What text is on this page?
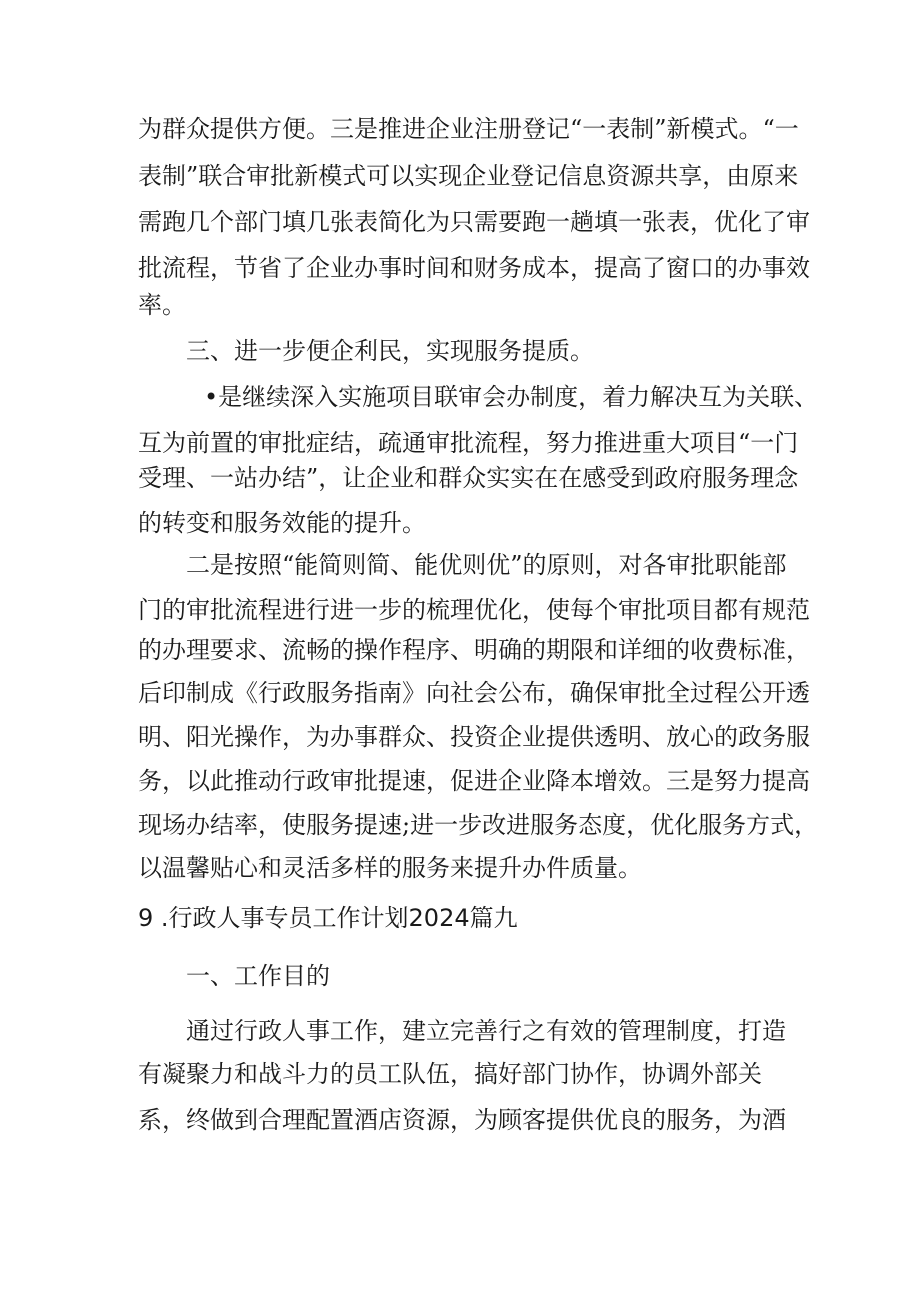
为群众提供方便。三是推进企业注册登记“一表制”新模式。“一
表制”联合审批新模式可以实现企业登记信息资源共享，由原来
需跑几个部门填几张表简化为只需要跑一趟填一张表，优化了审
批流程，节省了企业办事时间和财务成本，提高了窗口的办事效
率。
三、进一步便企利民，实现服务提质。
•是继续深入实施项目联审会办制度，着力解决互为关联、
互为前置的审批症结，疏通审批流程，努力推进重大项目“一门
受理、一站办结”，让企业和群众实实在在感受到政府服务理念
的转变和服务效能的提升。
二是按照“能简则简、能优则优”的原则，对各审批职能部
门的审批流程进行进一步的梳理优化，使每个审批项目都有规范
的办理要求、流畅的操作程序、明确的期限和详细的收费标准，
后印制成《行政服务指南》向社会公布，确保审批全过程公开透
明、阳光操作，为办事群众、投资企业提供透明、放心的政务服
务，以此推动行政审批提速，促进企业降本增效。三是努力提高
现场办结率，使服务提速;进一步改进服务态度，优化服务方式，
以温馨贴心和灵活多样的服务来提升办件质量。
9 .行政人事专员工作计划2024篇九
一、工作目的
通过行政人事工作，建立完善行之有效的管理制度，打造
有凝聚力和战斗力的员工队伍，搞好部门协作，协调外部关
系，终做到合理配置酒店资源，为顾客提供优良的服务，为酒
